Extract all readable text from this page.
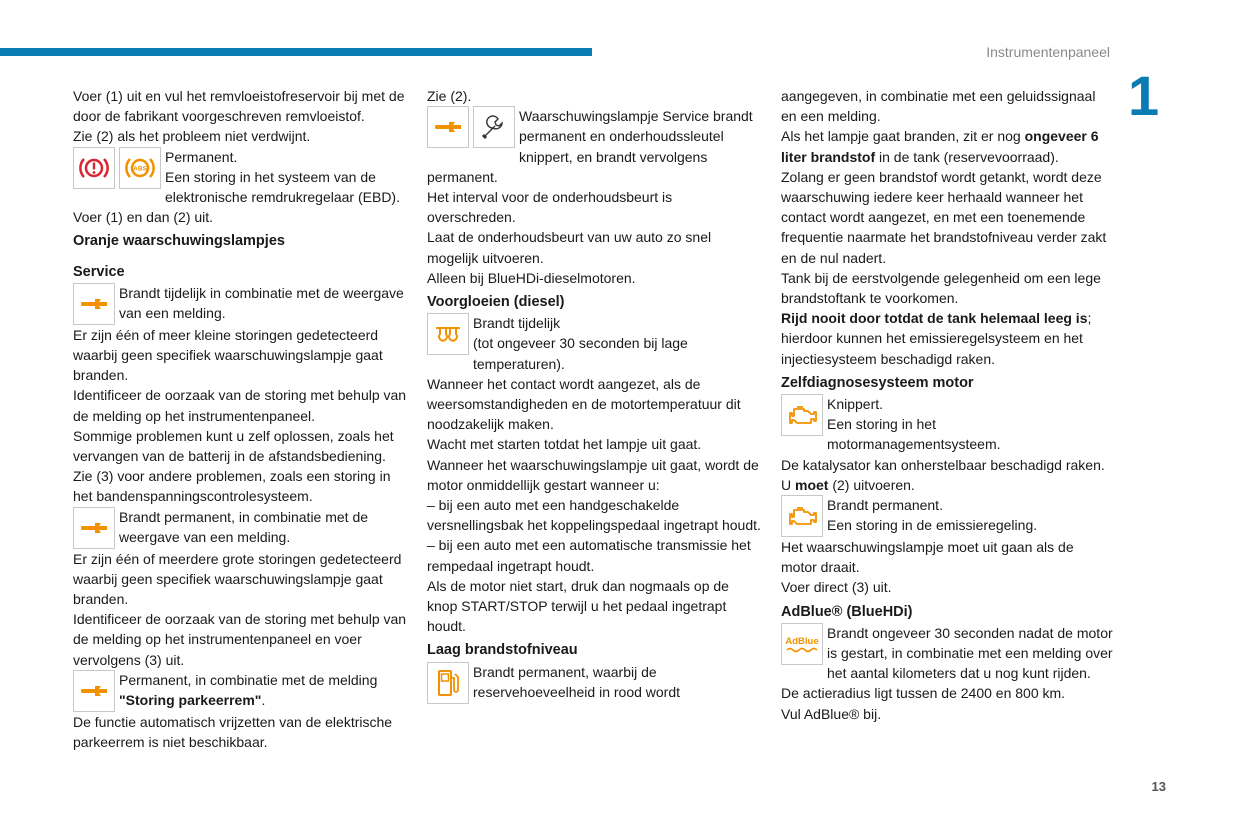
Instrumentenpaneel
1
13

Voer (1) uit en vul het remvloeistofreservoir bij met de door de fabrikant voorgeschreven remvloeistof.

Zie (2) als het probleem niet verdwijnt.

ABS

Permanent.

Een storing in het systeem van de elektronische remdrukregelaar (EBD).

Voer (1) en dan (2) uit.

Oranje waarschuwingslampjes
Service

Brandt tijdelijk in combinatie met de weergave van een melding.

Er zijn één of meer kleine storingen gedetecteerd waarbij geen specifiek waarschuwingslampje gaat branden.

Identificeer de oorzaak van de storing met behulp van de melding op het instrumentenpaneel.

Sommige problemen kunt u zelf oplossen, zoals het vervangen van de batterij in de afstandsbediening.

Zie (3) voor andere problemen, zoals een storing in het bandenspanningscontrolesysteem.

Brandt permanent, in combinatie met de weergave van een melding.

Er zijn één of meerdere grote storingen gedetecteerd waarbij geen specifiek waarschuwingslampje gaat branden.

Identificeer de oorzaak van de storing met behulp van de melding op het instrumentenpaneel en voer vervolgens (3) uit.

Permanent, in combinatie met de melding "Storing parkeerrem".

De functie automatisch vrijzetten van de elektrische parkeerrem is niet beschikbaar.

Zie (2).

Waarschuwingslampje Service brandt permanent en onderhoudssleutel knippert, en brandt vervolgens permanent.

Het interval voor de onderhoudsbeurt is overschreden.

Laat de onderhoudsbeurt van uw auto zo snel mogelijk uitvoeren.

Alleen bij BlueHDi-dieselmotoren.

Voorgloeien (diesel)

Brandt tijdelijk

(tot ongeveer 30 seconden bij lage temperaturen).

Wanneer het contact wordt aangezet, als de weersomstandigheden en de motortemperatuur dit noodzakelijk maken.

Wacht met starten totdat het lampje uit gaat.

Wanneer het waarschuwingslampje uit gaat, wordt de motor onmiddellijk gestart wanneer u:

– bij een auto met een handgeschakelde versnellingsbak het koppelingspedaal ingetrapt houdt.

– bij een auto met een automatische transmissie het rempedaal ingetrapt houdt.

Als de motor niet start, druk dan nogmaals op de knop START/STOP terwijl u het pedaal ingetrapt houdt.

Laag brandstofniveau

Brandt permanent, waarbij de reservehoeveelheid in rood wordt

aangegeven, in combinatie met een geluidssignaal en een melding.

Als het lampje gaat branden, zit er nog ongeveer 6 liter brandstof in de tank (reservevoorraad).

Zolang er geen brandstof wordt getankt, wordt deze waarschuwing iedere keer herhaald wanneer het contact wordt aangezet, en met een toenemende frequentie naarmate het brandstofniveau verder zakt en de nul nadert.

Tank bij de eerstvolgende gelegenheid om een lege brandstoftank te voorkomen.

Rijd nooit door totdat de tank helemaal leeg is; hierdoor kunnen het emissieregelsysteem en het injectiesysteem beschadigd raken.

Zelfdiagnosesysteem motor

Knippert.

Een storing in het motormanagementsysteem.

De katalysator kan onherstelbaar beschadigd raken.

U moet (2) uitvoeren.

Brandt permanent.

Een storing in de emissieregeling.

Het waarschuwingslampje moet uit gaan als de motor draait.

Voer direct (3) uit.

AdBlue® (BlueHDi)
AdBlue

Brandt ongeveer 30 seconden nadat de motor is gestart, in combinatie met een melding over het aantal kilometers dat u nog kunt rijden.

De actieradius ligt tussen de 2400 en 800 km.

Vul AdBlue® bij.
